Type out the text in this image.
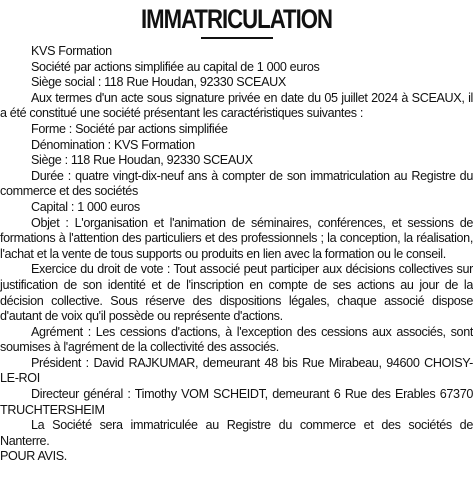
IMMATRICULATION

KVS Formation

Société par actions simplifiée au capital de 1 000 euros

Siège social : 118 Rue Houdan, 92330 SCEAUX

Aux termes d'un acte sous signature privée en date du 05 juillet 2024 à SCEAUX, il a été constitué une société présentant les caractéristiques suivantes :

Forme : Société par actions simplifiée

Dénomination : KVS Formation

Siège : 118 Rue Houdan, 92330 SCEAUX

Durée : quatre vingt-dix-neuf ans à compter de son immatriculation au Registre du commerce et des sociétés

Capital : 1 000 euros

Objet : L'organisation et l'animation de séminaires, conférences, et sessions de formations à l'attention des particuliers et des professionnels ; la conception, la réalisation, l'achat et la vente de tous supports ou produits en lien avec la formation ou le conseil.

Exercice du droit de vote : Tout associé peut participer aux décisions collectives sur justification de son identité et de l'inscription en compte de ses actions au jour de la décision collective. Sous réserve des dispositions légales, chaque associé dispose d'autant de voix qu'il possède ou représente d'actions.

Agrément : Les cessions d'actions, à l'exception des cessions aux associés, sont soumises à l'agrément de la collectivité des associés.

Président : David RAJKUMAR, demeurant 48 bis Rue Mirabeau, 94600 CHOISY-LE-ROI

Directeur général : Timothy VOM SCHEIDT, demeurant 6 Rue des Erables 67370 TRUCHTERSHEIM

La Société sera immatriculée au Registre du commerce et des sociétés de Nanterre.

POUR AVIS.
